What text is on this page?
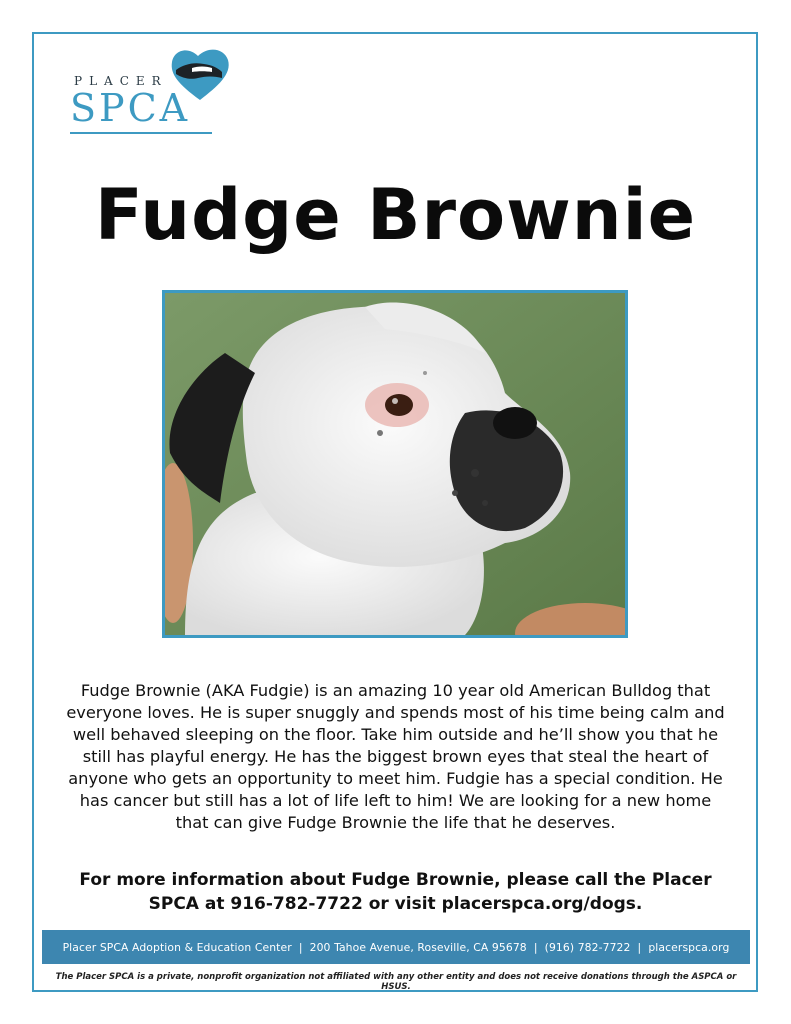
PLACER
SPCA
Fudge Brownie
Fudge Brownie (AKA Fudgie) is an amazing 10 year old American Bulldog that everyone loves. He is super snuggly and spends most of his time being calm and well behaved sleeping on the floor. Take him outside and he’ll show you that he still has playful energy. He has the biggest brown eyes that steal the heart of anyone who gets an opportunity to meet him. Fudgie has a special condition. He has cancer but still has a lot of life left to him! We are looking for a new home that can give Fudge Brownie the life that he deserves.
For more information about Fudge Brownie, please call the Placer SPCA at 916-782-7722 or visit placerspca.org/dogs.
Placer SPCA Adoption & Education Center  |  200 Tahoe Avenue, Roseville, CA 95678  |  (916) 782-7722  |  placerspca.org
The Placer SPCA is a private, nonprofit organization not affiliated with any other entity and does not receive donations through the ASPCA or HSUS.
